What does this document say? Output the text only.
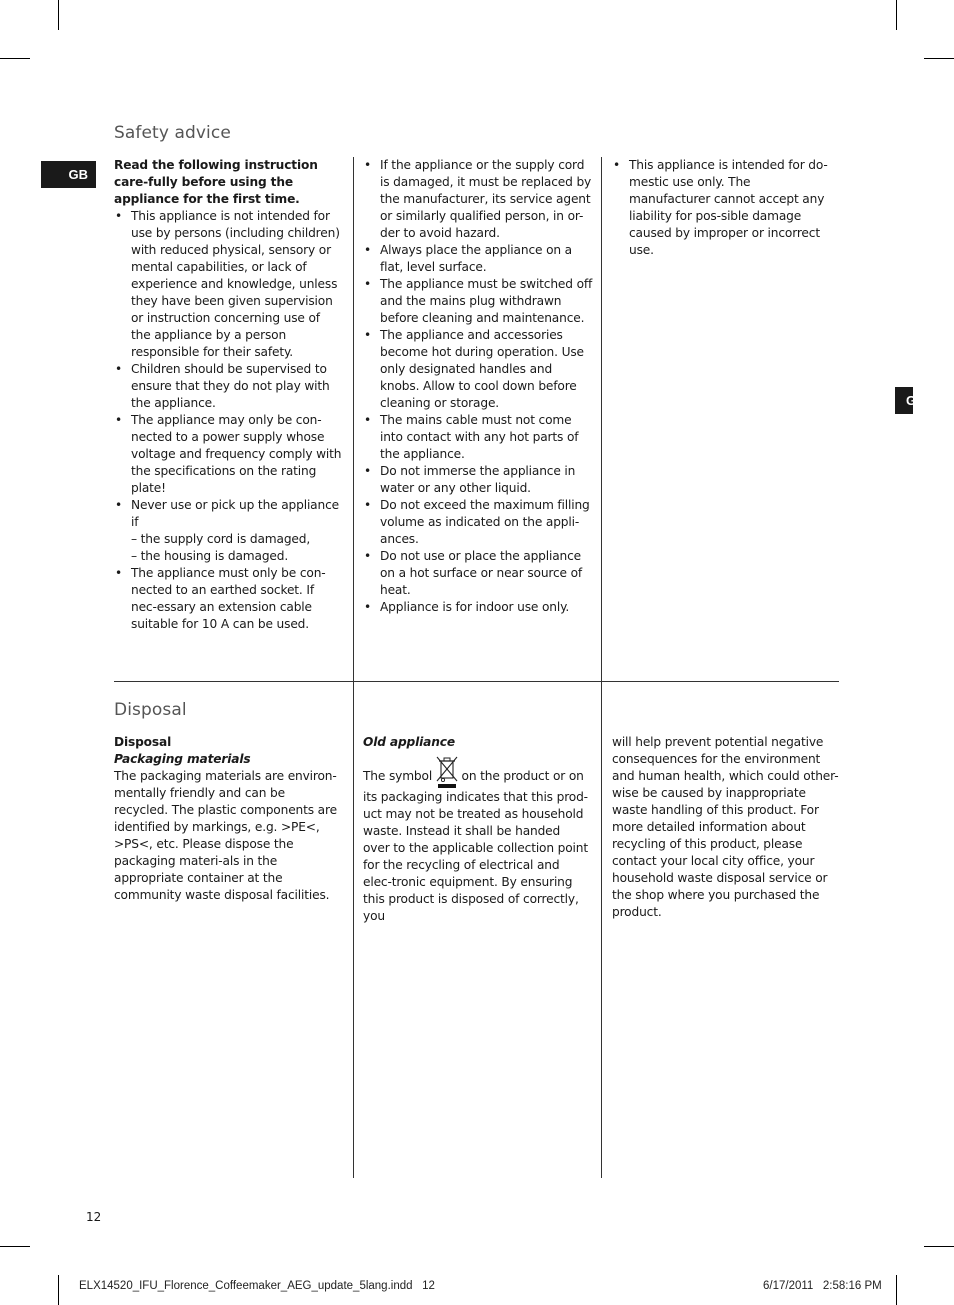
GB
G
Safety advice
Read the following instruction care-fully before using the appliance for the first time.
• This appliance is not intended for use by persons (including children) with reduced physical, sensory or mental capabilities, or lack of experience and knowledge, unless they have been given supervision or instruction concerning use of the appliance by a person responsible for their safety.
• Children should be supervised to ensure that they do not play with the appliance.
• The appliance may only be con-nected to a power supply whose voltage and frequency comply with the specifications on the rating plate!
• Never use or pick up the appliance if
– the supply cord is damaged,
– the housing is damaged.
• The appliance must only be con-nected to an earthed socket. If nec-essary an extension cable suitable for 10 A can be used.
• If the appliance or the supply cord is damaged, it must be replaced by the manufacturer, its service agent or similarly qualified person, in or-der to avoid hazard.
• Always place the appliance on a flat, level surface.
• The appliance must be switched off and the mains plug withdrawn before cleaning and maintenance.
• The appliance and accessories become hot during operation. Use only designated handles and knobs. Allow to cool down before cleaning or storage.
• The mains cable must not come into contact with any hot parts of the appliance.
• Do not immerse the appliance in water or any other liquid.
• Do not exceed the maximum filling volume as indicated on the appli-ances.
• Do not use or place the appliance on a hot surface or near source of heat.
• Appliance is for indoor use only.
• This appliance is intended for do-mestic use only. The manufacturer cannot accept any liability for pos-sible damage caused by improper or incorrect use.
Disposal
Disposal
Packaging materials

The packaging materials are environ-mentally friendly and can be recycled. The plastic components are identified by markings, e.g. >PE<, >PS<, etc. Please dispose the packaging materi-als in the appropriate container at the community waste disposal facilities.

Old appliance

The symbol on the product or on its packaging indicates that this prod-uct may not be treated as household waste. Instead it shall be handed over to the applicable collection point for the recycling of electrical and elec-tronic equipment. By ensuring this product is disposed of correctly, you

will help prevent potential negative consequences for the environment and human health, which could other-wise be caused by inappropriate waste handling of this product. For more detailed information about recycling of this product, please contact your local city office, your household waste disposal service or the shop where you purchased the product.

12
ELX14520_IFU_Florence_Coffeemaker_AEG_update_5lang.indd   12	6/17/2011   2:58:16 PM
